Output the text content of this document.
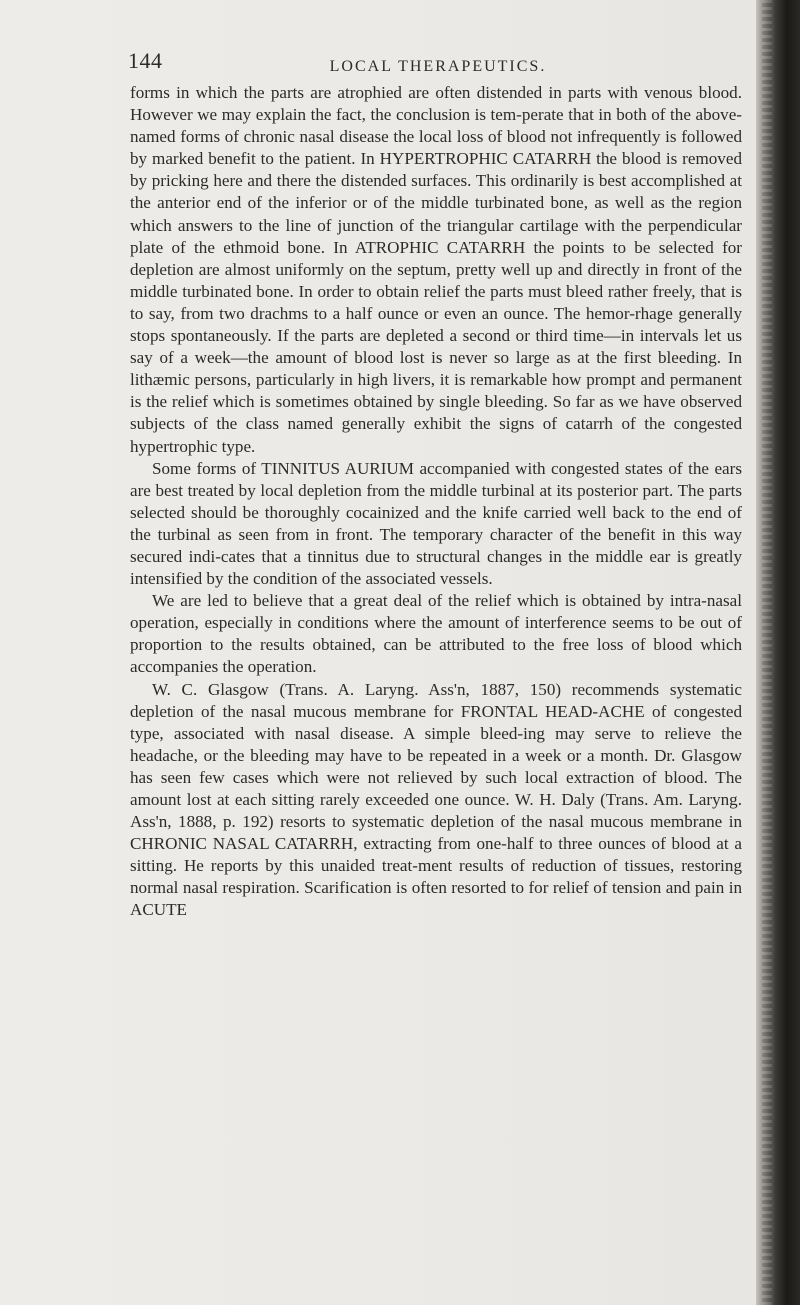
144	LOCAL THERAPEUTICS.

forms in which the parts are atrophied are often distended in parts with venous blood. However we may explain the fact, the conclusion is tem-perate that in both of the above-named forms of chronic nasal disease the local loss of blood not infrequently is followed by marked benefit to the patient. In HYPERTROPHIC CATARRH the blood is removed by pricking here and there the distended surfaces. This ordinarily is best accomplished at the anterior end of the inferior or of the middle turbinated bone, as well as the region which answers to the line of junction of the triangular cartilage with the perpendicular plate of the ethmoid bone. In ATROPHIC CATARRH the points to be selected for depletion are almost uniformly on the septum, pretty well up and directly in front of the middle turbinated bone. In order to obtain relief the parts must bleed rather freely, that is to say, from two drachms to a half ounce or even an ounce. The hemor-rhage generally stops spontaneously. If the parts are depleted a second or third time—in intervals let us say of a week—the amount of blood lost is never so large as at the first bleeding. In lithæmic persons, particularly in high livers, it is remarkable how prompt and permanent is the relief which is sometimes obtained by single bleeding. So far as we have observed subjects of the class named generally exhibit the signs of catarrh of the congested hypertrophic type.

Some forms of TINNITUS AURIUM accompanied with congested states of the ears are best treated by local depletion from the middle turbinal at its posterior part. The parts selected should be thoroughly cocainized and the knife carried well back to the end of the turbinal as seen from in front. The temporary character of the benefit in this way secured indi-cates that a tinnitus due to structural changes in the middle ear is greatly intensified by the condition of the associated vessels.

We are led to believe that a great deal of the relief which is obtained by intra-nasal operation, especially in conditions where the amount of interference seems to be out of proportion to the results obtained, can be attributed to the free loss of blood which accompanies the operation.

W. C. Glasgow (Trans. A. Laryng. Ass'n, 1887, 150) recommends systematic depletion of the nasal mucous membrane for FRONTAL HEAD-ACHE of congested type, associated with nasal disease. A simple bleed-ing may serve to relieve the headache, or the bleeding may have to be repeated in a week or a month. Dr. Glasgow has seen few cases which were not relieved by such local extraction of blood. The amount lost at each sitting rarely exceeded one ounce. W. H. Daly (Trans. Am. Laryng. Ass'n, 1888, p. 192) resorts to systematic depletion of the nasal mucous membrane in CHRONIC NASAL CATARRH, extracting from one-half to three ounces of blood at a sitting. He reports by this unaided treat-ment results of reduction of tissues, restoring normal nasal respiration. Scarification is often resorted to for relief of tension and pain in ACUTE
